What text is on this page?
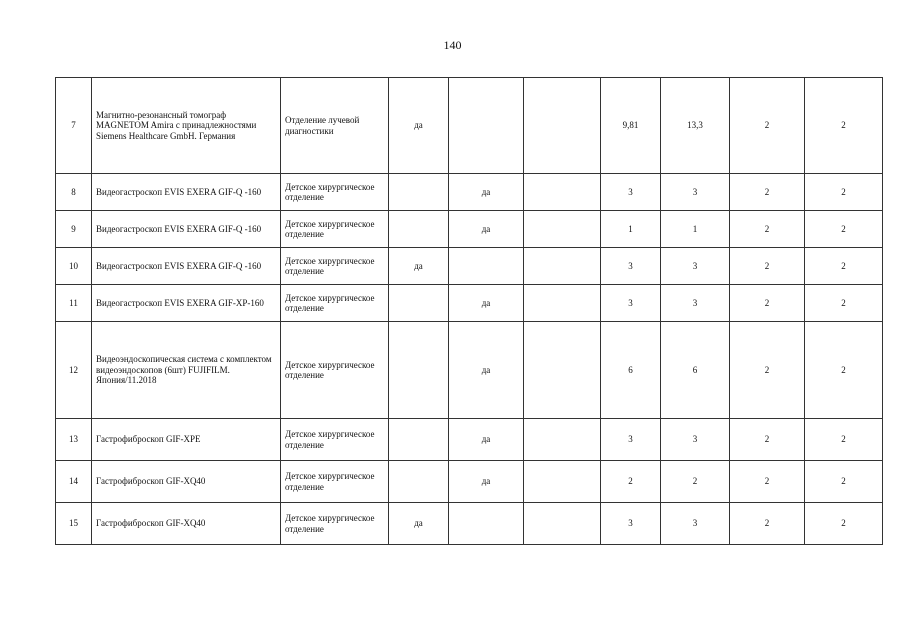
140
7	Магнитно-резонансный томограф MAGNETOM Amira с принадлежностями Siemens Healthcare GmbH. Германия	Отделение лучевой диагностики	да			9,81	13,3	2	2
8	Видеогастроскоп EVIS EXERA GIF-Q -160	Детское хирургическое отделение		да		3	3	2	2
9	Видеогастроскоп EVIS EXERA GIF-Q -160	Детское хирургическое отделение		да		1	1	2	2
10	Видеогастроскоп EVIS EXERA GIF-Q -160	Детское хирургическое отделение	да			3	3	2	2
11	Видеогастроскоп EVIS EXERA GIF-XP-160	Детское хирургическое отделение		да		3	3	2	2
12	Видеоэндоскопическая система с комплектом видеоэндоскопов (6шт) FUJIFILM. Япония/11.2018	Детское хирургическое отделение		да		6	6	2	2
13	Гастрофиброскоп GIF-XPE	Детское хирургическое отделение		да		3	3	2	2
14	Гастрофиброскоп GIF-XQ40	Детское хирургическое отделение		да		2	2	2	2
15	Гастрофиброскоп GIF-XQ40	Детское хирургическое отделение	да			3	3	2	2
